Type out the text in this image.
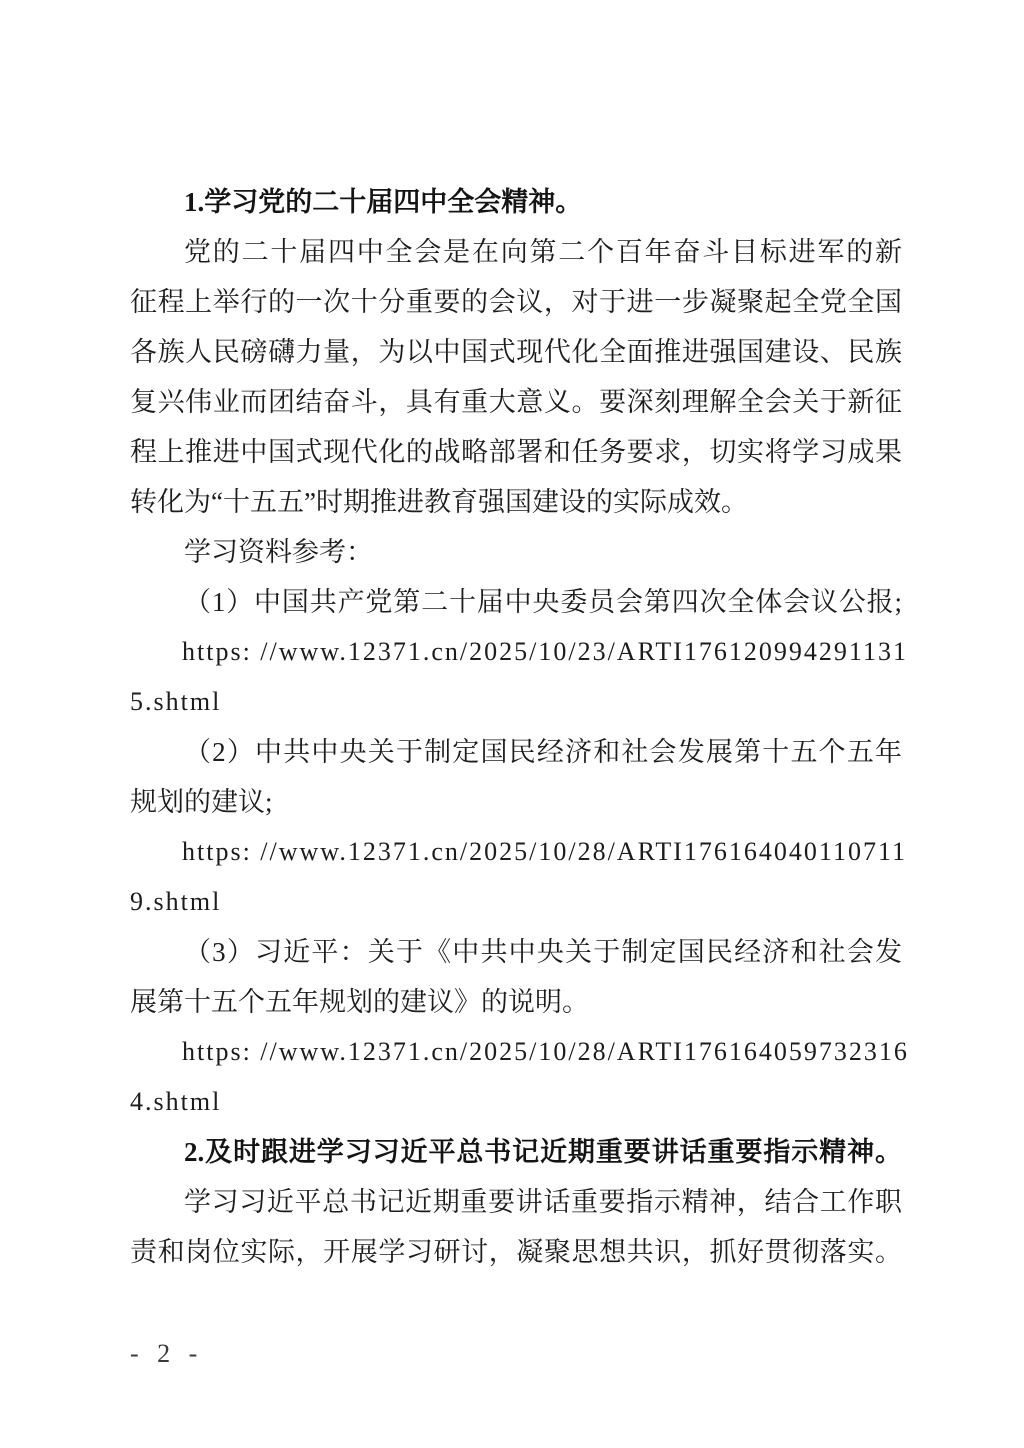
1.学习党的二十届四中全会精神。
党的二十届四中全会是在向第二个百年奋斗目标进军的新
征程上举行的一次十分重要的会议，对于进一步凝聚起全党全国
各族人民磅礴力量，为以中国式现代化全面推进强国建设、民族
复兴伟业而团结奋斗，具有重大意义。要深刻理解全会关于新征
程上推进中国式现代化的战略部署和任务要求，切实将学习成果
转化为“十五五”时期推进教育强国建设的实际成效。
学习资料参考：
（1）中国共产党第二十届中央委员会第四次全体会议公报;
https: //www.12371.cn/2025/10/23/ARTI176120994291131
5.shtml
（2）中共中央关于制定国民经济和社会发展第十五个五年
规划的建议;
https: //www.12371.cn/2025/10/28/ARTI176164040110711
9.shtml
（3）习近平：关于《中共中央关于制定国民经济和社会发
展第十五个五年规划的建议》的说明。
https: //www.12371.cn/2025/10/28/ARTI176164059732316
4.shtml
2.及时跟进学习习近平总书记近期重要讲话重要指示精神。
学习习近平总书记近期重要讲话重要指示精神，结合工作职
责和岗位实际，开展学习研讨，凝聚思想共识，抓好贯彻落实。
- 2 -
